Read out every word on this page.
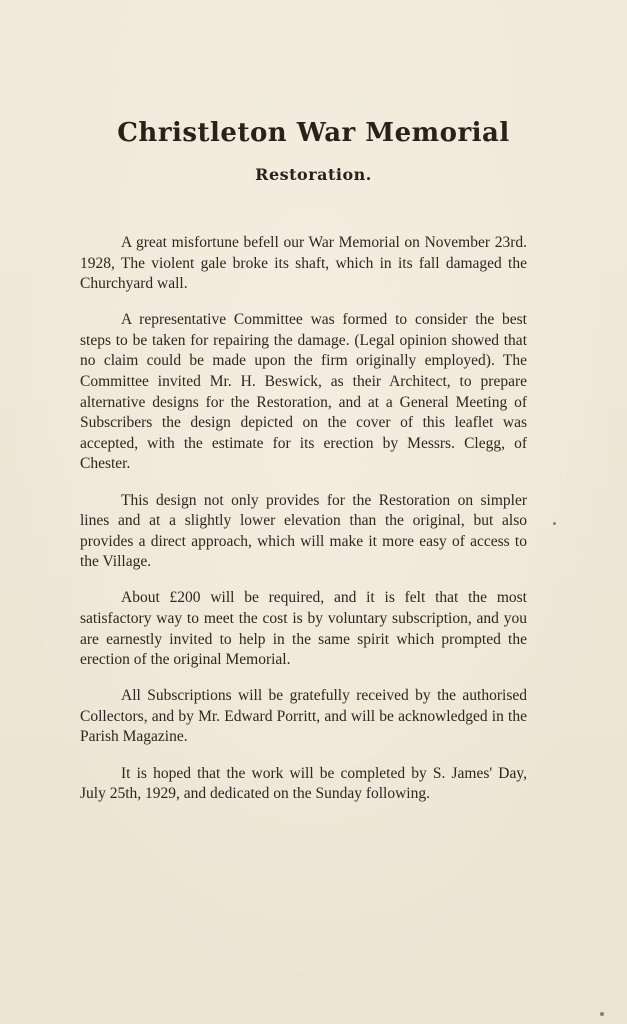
Christleton War Memorial
Restoration.

A great misfortune befell our War Memorial on November 23rd. 1928, The violent gale broke its shaft, which in its fall damaged the Churchyard wall.

A representative Committee was formed to consider the best steps to be taken for repairing the damage. (Legal opinion showed that no claim could be made upon the firm originally employed). The Committee invited Mr. H. Beswick, as their Architect, to prepare alternative designs for the Restoration, and at a General Meeting of Subscribers the design depicted on the cover of this leaflet was accepted, with the estimate for its erection by Messrs. Clegg, of Chester.

This design not only provides for the Restoration on simpler lines and at a slightly lower elevation than the original, but also provides a direct approach, which will make it more easy of access to the Village.

About £200 will be required, and it is felt that the most satisfactory way to meet the cost is by voluntary subscription, and you are earnestly invited to help in the same spirit which prompted the erection of the original Memorial.

All Subscriptions will be gratefully received by the authorised Collectors, and by Mr. Edward Porritt, and will be acknowledged in the Parish Magazine.

It is hoped that the work will be completed by S. James' Day, July 25th, 1929, and dedicated on the Sunday following.
